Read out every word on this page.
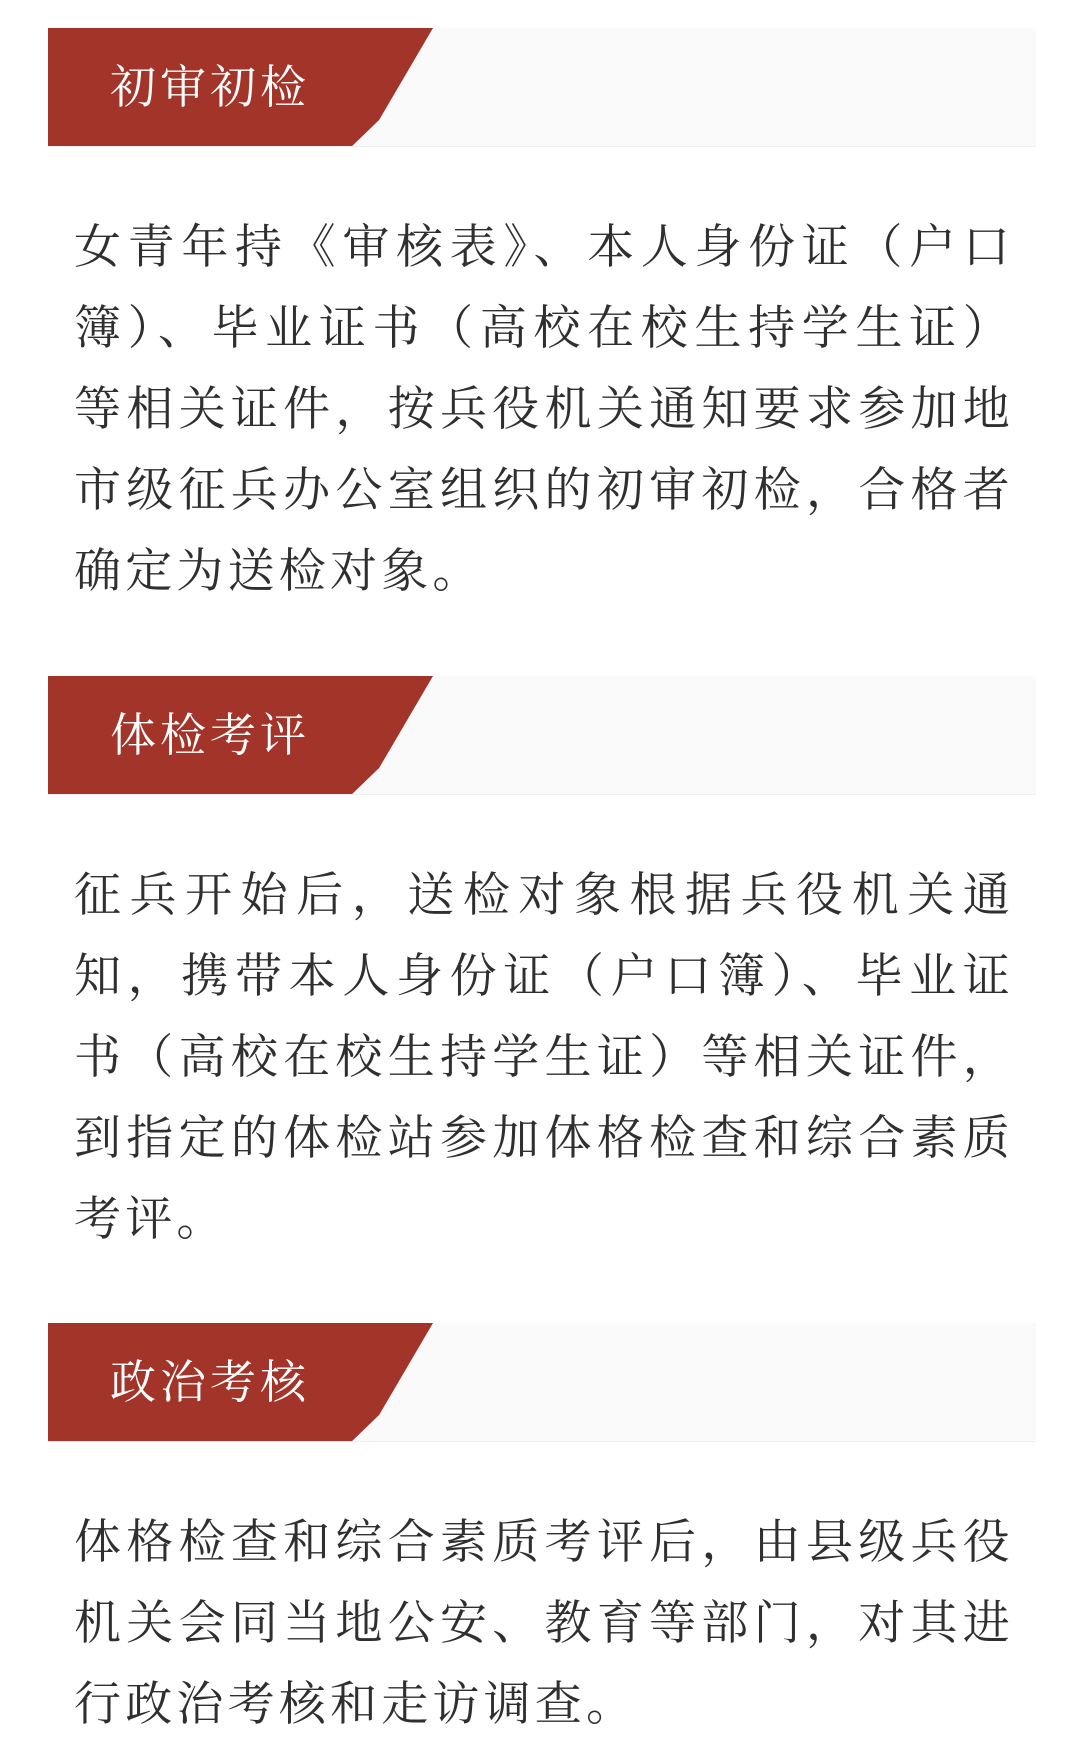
初审初检

女青年持《审核表》、本人身份证（户口簿）、毕业证书（高校在校生持学生证）等相关证件，按兵役机关通知要求参加地市级征兵办公室组织的初审初检，合格者确定为送检对象。

体检考评

征兵开始后，送检对象根据兵役机关通知，携带本人身份证（户口簿）、毕业证书（高校在校生持学生证）等相关证件，到指定的体检站参加体格检查和综合素质考评。

政治考核

体格检查和综合素质考评后，由县级兵役机关会同当地公安、教育等部门，对其进行政治考核和走访调查。
